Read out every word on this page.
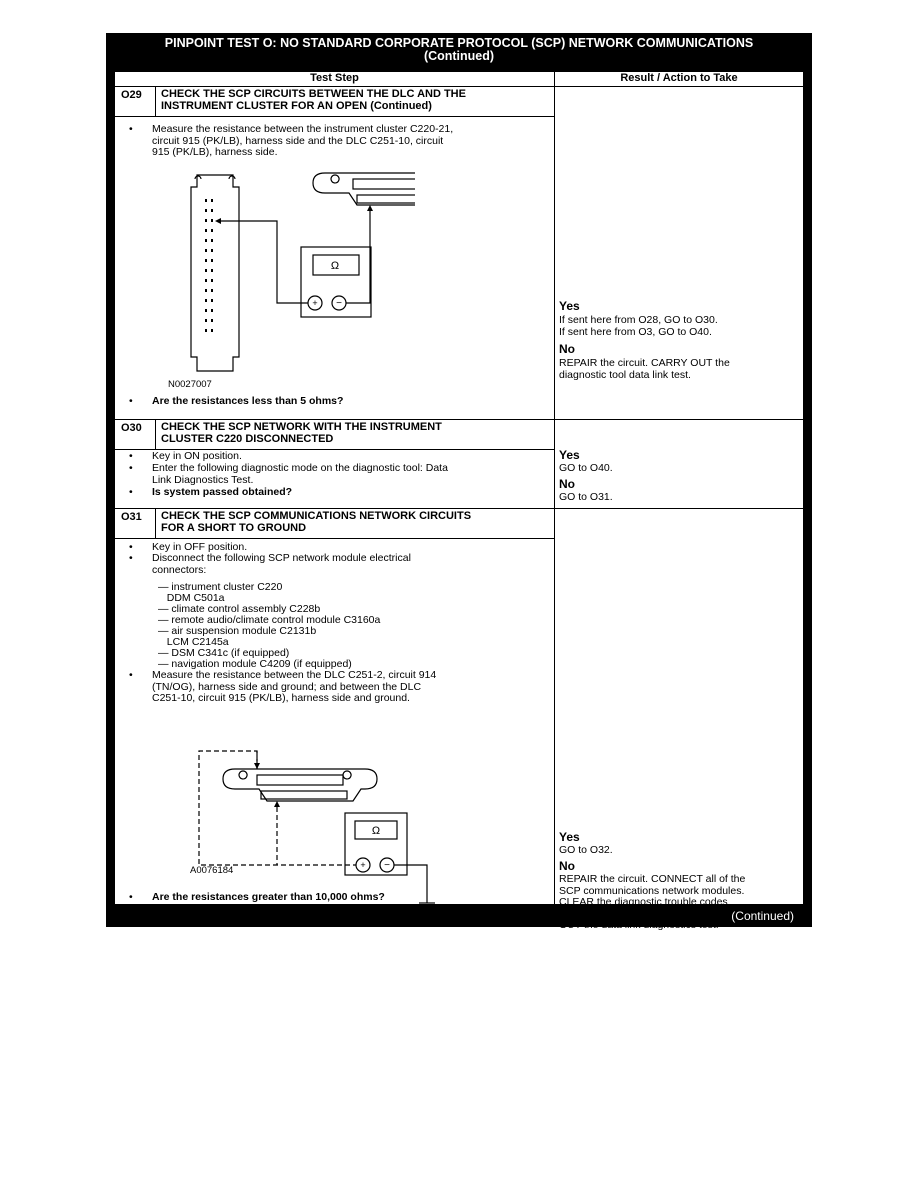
PINPOINT TEST O: NO STANDARD CORPORATE PROTOCOL (SCP) NETWORK COMMUNICATIONS
(Continued)
Test Step	Result / Action to Take
O29	CHECK THE SCP CIRCUITS BETWEEN THE DLC AND THE
INSTRUMENT CLUSTER FOR AN OPEN (Continued)
• Measure the resistance between the instrument cluster C220-21,
circuit 915 (PK/LB), harness side and the DLC C251-10, circuit
915 (PK/LB), harness side.
Ω
+ −
N0027007
• Are the resistances less than 5 ohms?
Yes
If sent here from O28, GO to O30.
If sent here from O3, GO to O40.
No
REPAIR the circuit. CARRY OUT the
diagnostic tool data link test.
O30	CHECK THE SCP NETWORK WITH THE INSTRUMENT
CLUSTER C220 DISCONNECTED
• Key in ON position.
• Enter the following diagnostic mode on the diagnostic tool: Data
Link Diagnostics Test.
• Is system passed obtained?
Yes
GO to O40.
No
GO to O31.
O31	CHECK THE SCP COMMUNICATIONS NETWORK CIRCUITS
FOR A SHORT TO GROUND
• Key in OFF position.
• Disconnect the following SCP network module electrical
connectors:
— instrument cluster C220
DDM C501a
— climate control assembly C228b
— remote audio/climate control module C3160a
— air suspension module C2131b
LCM C2145a
— DSM C341c (if equipped)
— navigation module C4209 (if equipped)
• Measure the resistance between the DLC C251-2, circuit 914
(TN/OG), harness side and ground; and between the DLC
C251-10, circuit 915 (PK/LB), harness side and ground.
Ω
+ −
A0076184
• Are the resistances greater than 10,000 ohms?
Yes
GO to O32.
No
REPAIR the circuit. CONNECT all of the
SCP communications network modules.
CLEAR the diagnostic trouble codes
(DTCs). REPEAT the self-test. CARRY
OUT the data link diagnostics test.
(Continued)
